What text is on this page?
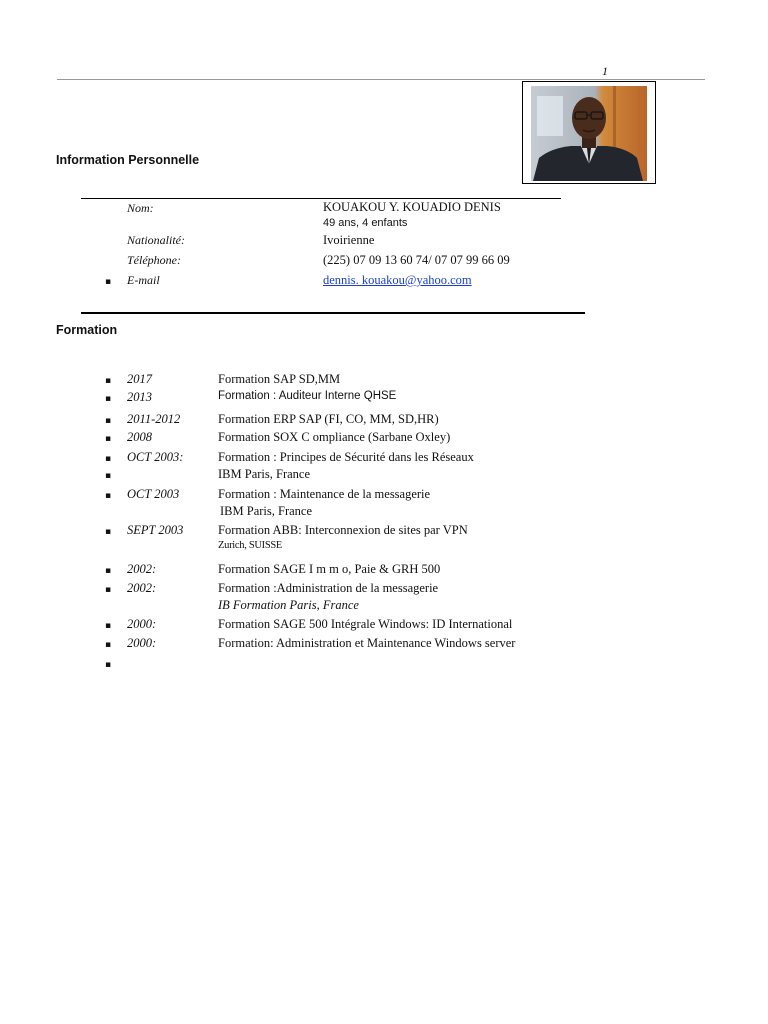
1
Information Personnelle
Nom:	KOUAKOU Y. KOUADIO DENIS
49 ans, 4 enfants
Nationalité:	Ivoirienne
Téléphone:	(225) 07 09 13 60 74/ 07 07 99 66 09
▪ E-mail	dennis. kouakou@yahoo.com
Formation
▪ 2017	Formation SAP SD,MM
▪ 2013	Formation : Auditeur Interne QHSE
▪ 2011-2012	Formation ERP SAP (FI, CO, MM, SD,HR)
▪ 2008	Formation SOX C ompliance (Sarbane Oxley)
▪ OCT 2003:	Formation : Principes de Sécurité dans les Réseaux
▪	IBM Paris, France
▪ OCT 2003	Formation : Maintenance de la messagerie
IBM Paris, France
▪ SEPT 2003	Formation ABB: Interconnexion de sites par VPN
Zurich, SUISSE
▪ 2002:	Formation SAGE I m m o, Paie & GRH 500
▪ 2002:	Formation :Administration de la messagerie
IB Formation Paris, France
▪ 2000:	Formation SAGE 500 Intégrale Windows: ID International
▪ 2000:	Formation: Administration et Maintenance Windows server
▪
